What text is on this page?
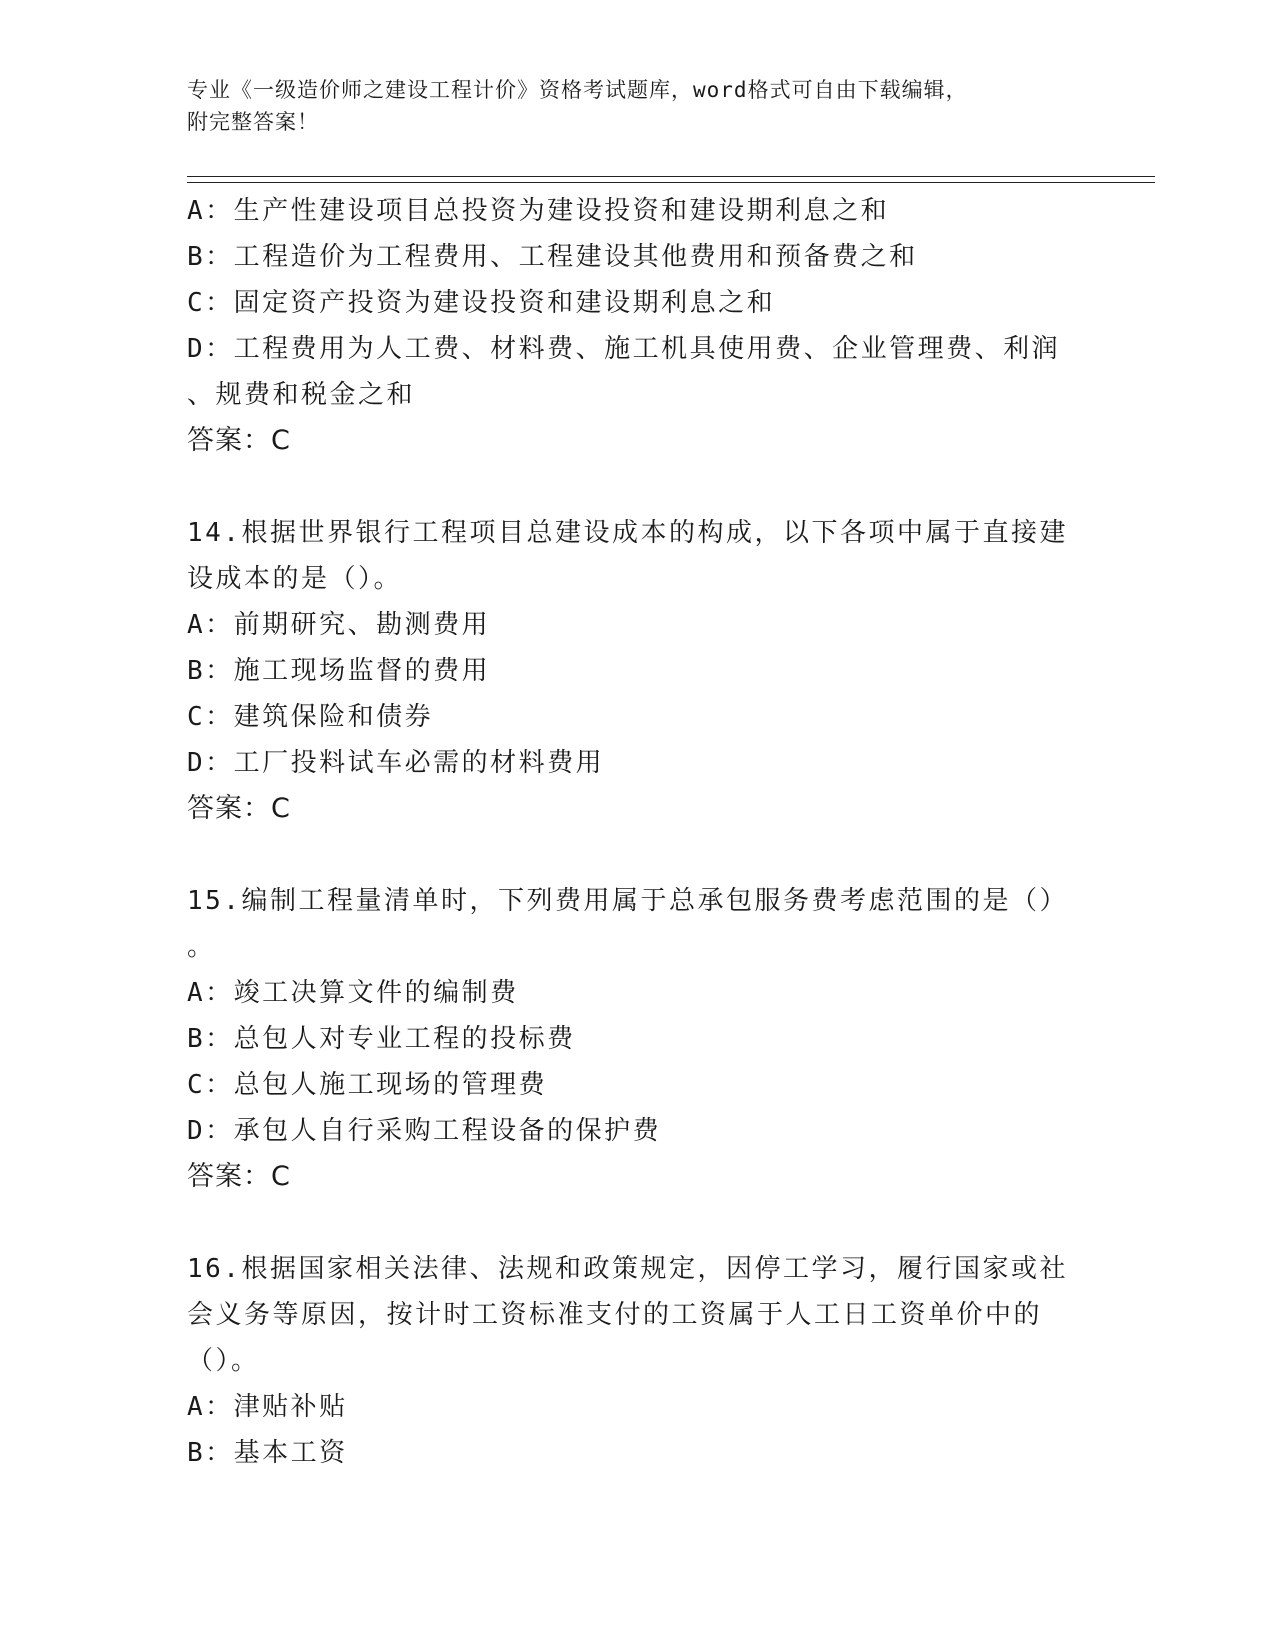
专业《一级造价师之建设工程计价》资格考试题库，word格式可自由下载编辑，
附完整答案！
A：生产性建设项目总投资为建设投资和建设期利息之和
B：工程造价为工程费用、工程建设其他费用和预备费之和
C：固定资产投资为建设投资和建设期利息之和
D：工程费用为人工费、材料费、施工机具使用费、企业管理费、利润
、规费和税金之和
答案：C
14.根据世界银行工程项目总建设成本的构成，以下各项中属于直接建
设成本的是（）。
A：前期研究、勘测费用
B：施工现场监督的费用
C：建筑保险和债券
D：工厂投料试车必需的材料费用
答案：C
15.编制工程量清单时，下列费用属于总承包服务费考虑范围的是（）
。
A：竣工决算文件的编制费
B：总包人对专业工程的投标费
C：总包人施工现场的管理费
D：承包人自行采购工程设备的保护费
答案：C
16.根据国家相关法律、法规和政策规定，因停工学习，履行国家或社
会义务等原因，按计时工资标准支付的工资属于人工日工资单价中的
（）。
A：津贴补贴
B：基本工资
